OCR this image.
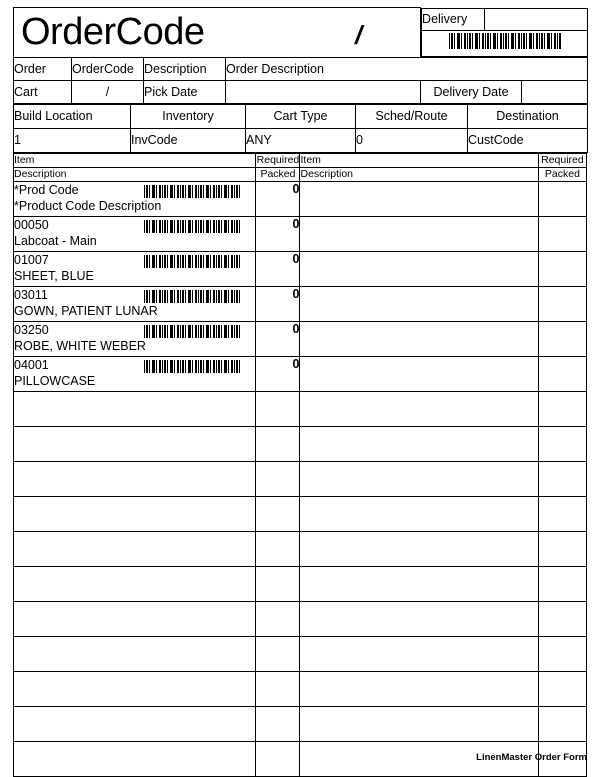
OrderCode	/

Delivery	

Order	OrderCode	Description	Order Description
Cart	/	Pick Date			Delivery Date	
Build Location	Inventory	Cart Type	Sched/Route	Destination
1	InvCode	ANY	0	CustCode
Item	Required	Item	Required
Description	Packed	Description	Packed

*Prod Code
*Product Code Description	0		

00050
Labcoat - Main	0		

01007
SHEET, BLUE	0		

03011
GOWN, PATIENT LUNAR	0		

03250
ROBE, WHITE WEBER	0		

04001
PILLOWCASE	0		

LinenMaster Order Form
